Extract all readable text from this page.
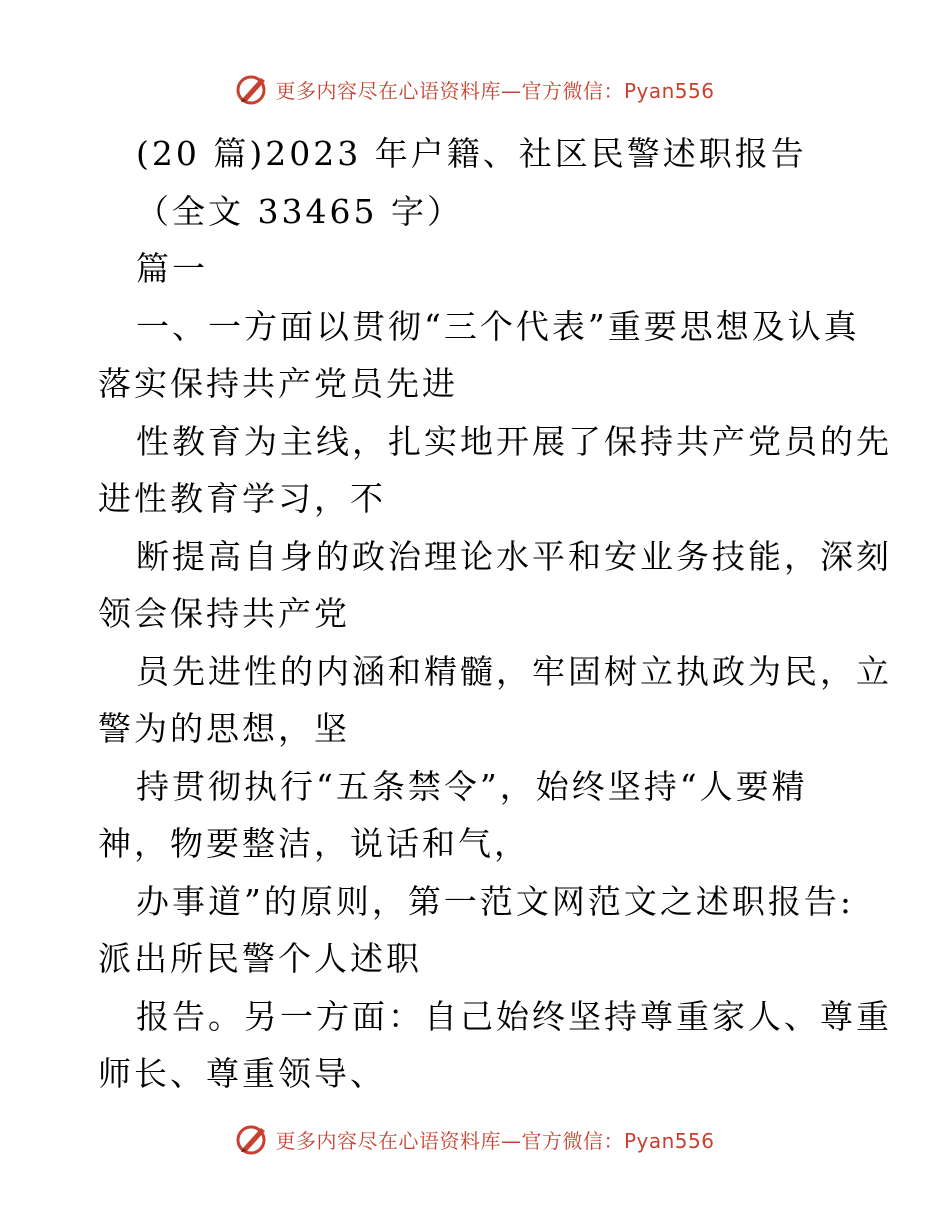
更多内容尽在心语资料库—官方微信：Pyan556

(20 篇)2023 年户籍、社区民警述职报告

（全文 33465 字）

篇一

一、一方面以贯彻“三个代表”重要思想及认真

落实保持共产党员先进

性教育为主线，扎实地开展了保持共产党员的先

进性教育学习，不

断提高自身的政治理论水平和安业务技能，深刻

领会保持共产党

员先进性的内涵和精髓，牢固树立执政为民，立

警为的思想，坚

持贯彻执行“五条禁令”，始终坚持“人要精

神，物要整洁，说话和气，

办事道”的原则，第一范文网范文之述职报告:

派出所民警个人述职

报告。另一方面：自己始终坚持尊重家人、尊重

师长、尊重领导、

更多内容尽在心语资料库—官方微信：Pyan556
